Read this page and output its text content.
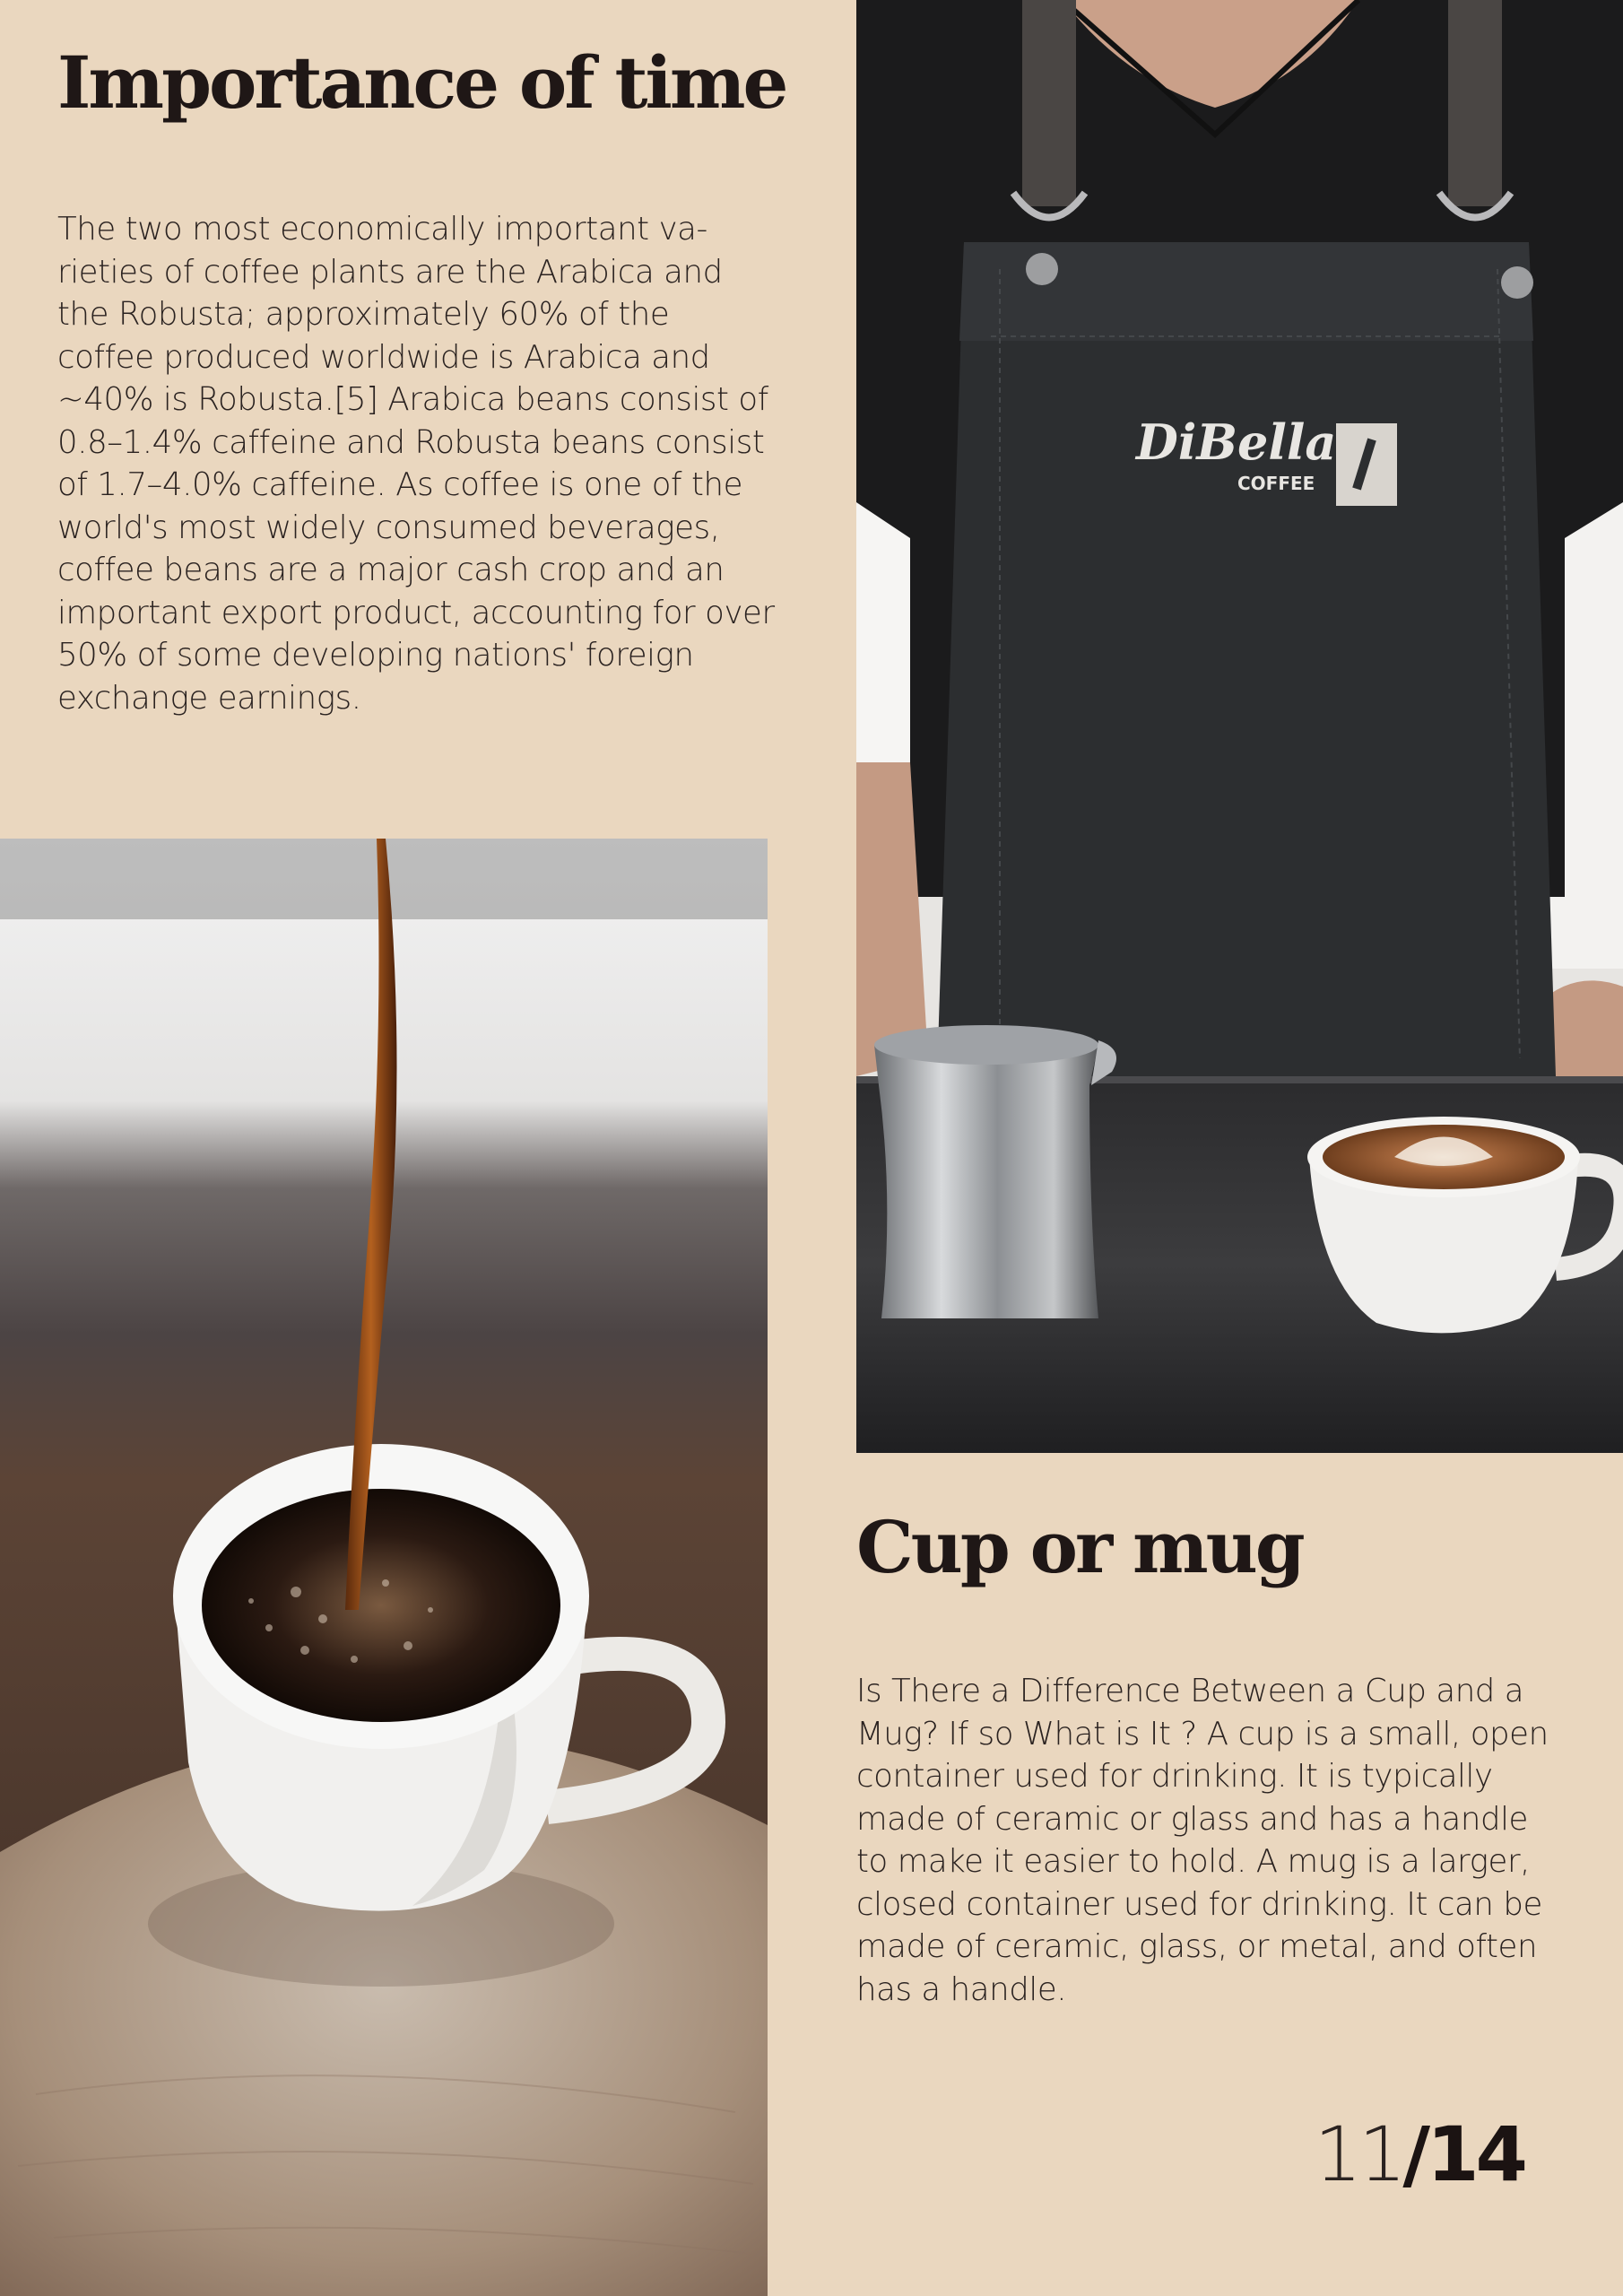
Importance of time

The two most economically important va-rieties of coffee plants are the Arabica and the Robusta; approximately 60% of the coffee produced worldwide is Arabica and ~40% is Robusta.[5] Arabica beans consist of 0.8–1.4% caffeine and Robusta beans consist of 1.7–4.0% caffeine. As coffee is one of the world's most widely consumed beverages, coffee beans are a major cash crop and an important export product, accounting for over 50% of some developing nations' foreign exchange earnings.

DiBella
COFFEE
Cup or mug

Is There a Difference Between a Cup and a Mug? If so What is It ? A cup is a small, open container used for drinking. It is typically made of ceramic or glass and has a handle to make it easier to hold. A mug is a larger, closed container used for drinking. It can be made of ceramic, glass, or metal, and often has a handle.

11/14
